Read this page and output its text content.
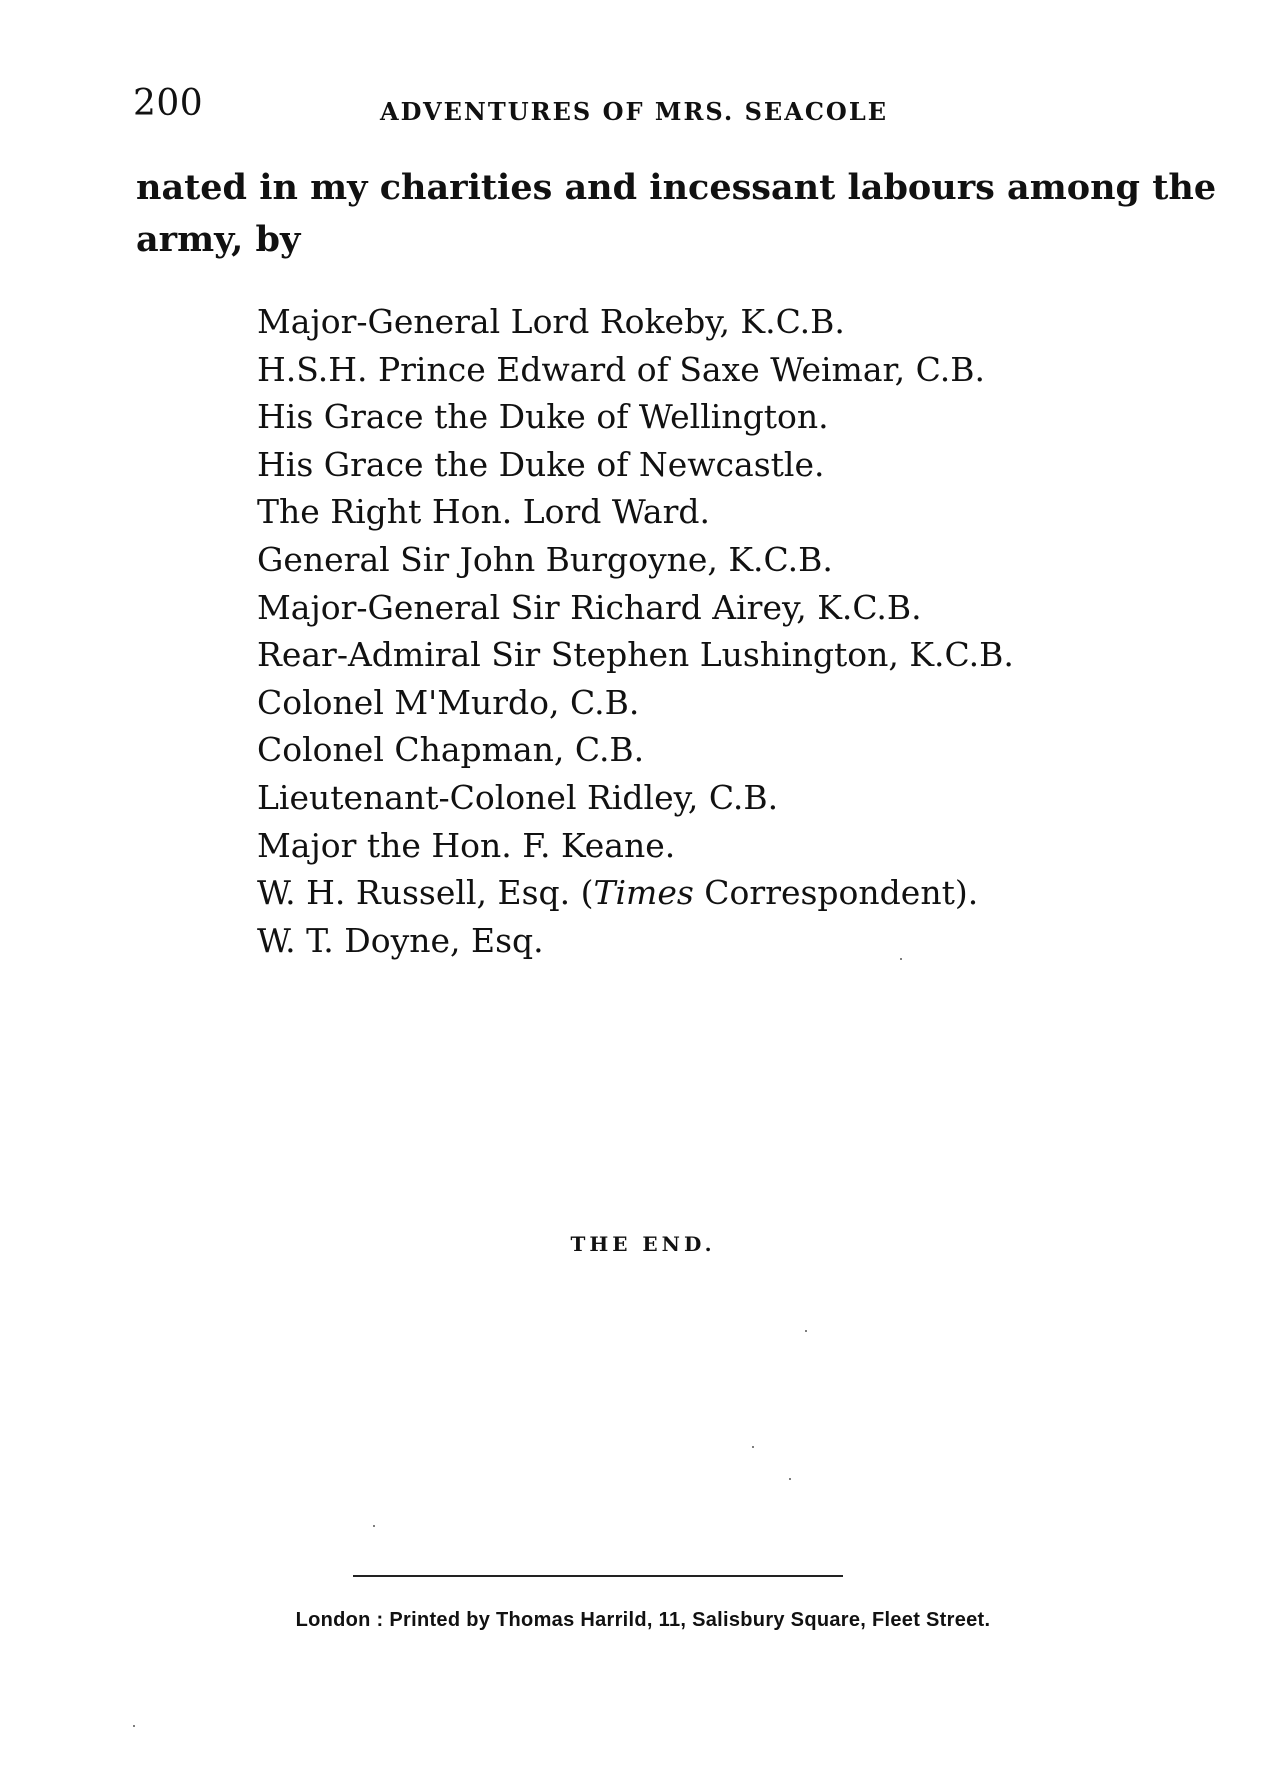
200	ADVENTURES OF MRS. SEACOLE
nated in my charities and incessant labours among the
army, by
Major-General Lord Rokeby, K.C.B.
H.S.H. Prince Edward of Saxe Weimar, C.B.
His Grace the Duke of Wellington.
His Grace the Duke of Newcastle.
The Right Hon. Lord Ward.
General Sir John Burgoyne, K.C.B.
Major-General Sir Richard Airey, K.C.B.
Rear-Admiral Sir Stephen Lushington, K.C.B.
Colonel M'Murdo, C.B.
Colonel Chapman, C.B.
Lieutenant-Colonel Ridley, C.B.
Major the Hon. F. Keane.
W. H. Russell, Esq. (Times Correspondent).
W. T. Doyne, Esq.
THE END.
London : Printed by Thomas Harrild, 11, Salisbury Square, Fleet Street.
